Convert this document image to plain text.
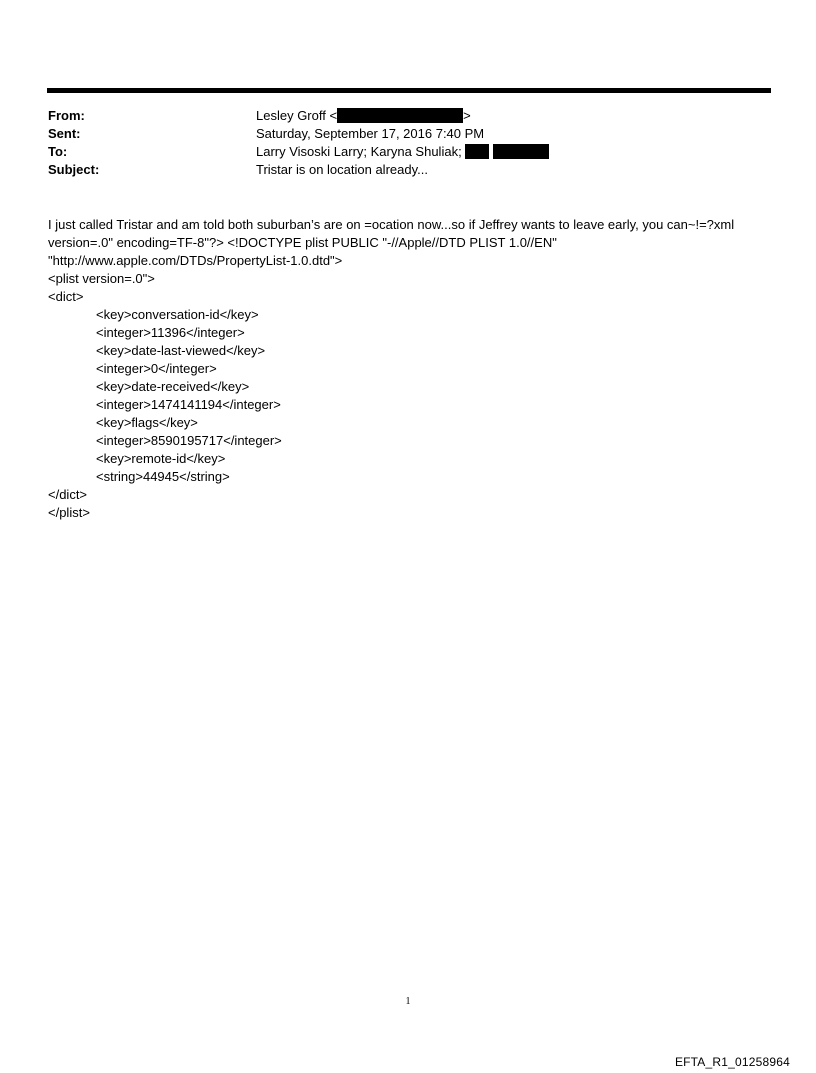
From:	Lesley Groff <	>
Sent:	Saturday, September 17, 2016 7:40 PM
To:	Larry Visoski Larry; Karyna Shuliak;
Subject:	Tristar is on location already...
I just called Tristar and am told both suburban’s are on =ocation now...so if Jeffrey wants to leave early, you can~!=?xml
version=.0" encoding=TF-8"?> <!DOCTYPE plist PUBLIC "-//Apple//DTD PLIST 1.0//EN"
"http://www.apple.com/DTDs/PropertyList-1.0.dtd">
<plist version=.0">
<dict>
<key>conversation-id</key>
<integer>11396</integer>
<key>date-last-viewed</key>
<integer>0</integer>
<key>date-received</key>
<integer>1474141194</integer>
<key>flags</key>
<integer>8590195717</integer>
<key>remote-id</key>
<string>44945</string>
</dict>
</plist>
1
EFTA_R1_01258964
